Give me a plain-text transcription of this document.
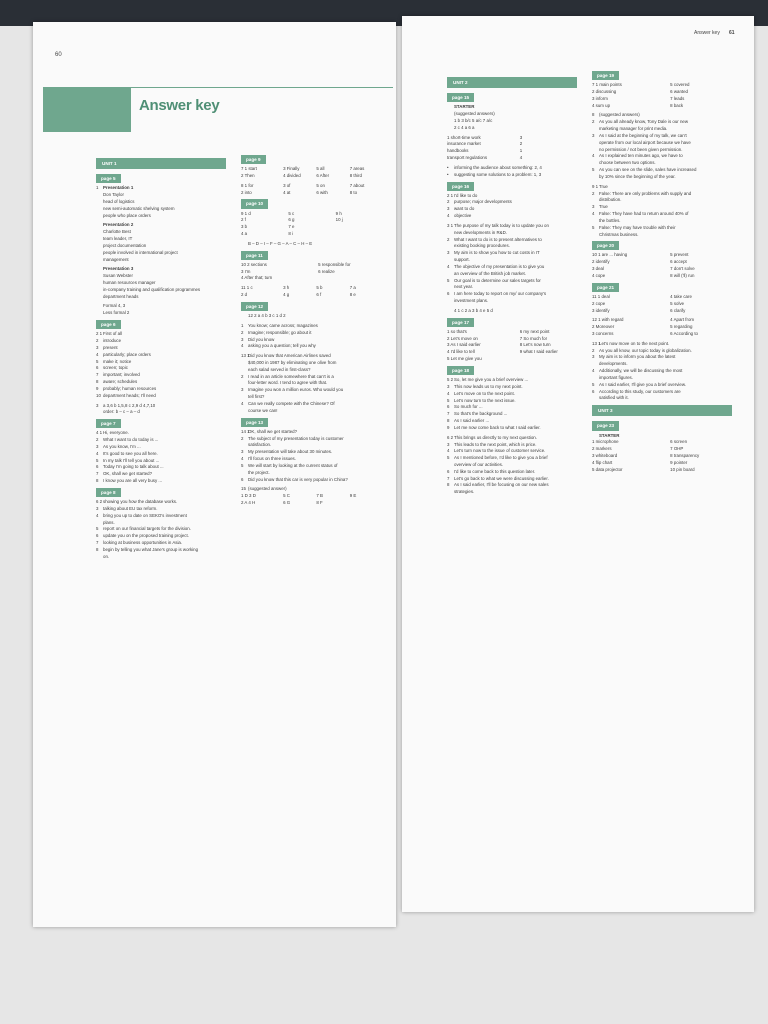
60
Answer key
UNIT 1
page 5
1	Presentation 1
Don Taylor
head of logistics
new semi-automatic shelving system
people who place orders
Presentation 2
Charlotte Best
team leader, IT
project documentation
people involved in international project
management
Presentation 3
Susan Webster
human resources manager
in-company training and qualification programmes
department heads
Formal 4, 3
Less formal 2
page 6
2 1 First of all
2	introduce
3	present
4	particularly; place orders
5	make it; notice
6	screen; topic
7	important; involved
8	aware; schedules
9	probably; human resources
10 department heads; I'll need
3	a 3,6 b 1,5,8 c 2,9 d 4,7,10
order: b – c – a – d
page 7
4 1 Hi, everyone.
2	What I want to do today is ...
3	As you know, I'm ...
4	It's good to see you all here.
5	In my talk I'll tell you about ...
6	Today I'm going to talk about ...
7	OK, shall we get started?
8	I know you are all very busy ...
page 8
6 2 showing you how the database works.
3	talking about EU tax reform.
4	bring you up to date on SEKO's investment
plans.
5	report on our financial targets for the division.
6	update you on the proposed training project.
7	looking at business opportunities in Asia.
8	begin by telling you what Jane's group is working
on.
page 9
7 1 start	3 Finally	5 all	7 areas
2 Then	4 divided	6 After	8 third
8 1 for	3 of	5 on	7 about
2 into	4 at	6 with	8 to
page 10
9 1 d	5 c	9 h
2 f	6 g	10 j
3 b	7 e
4 a	8 i
B – D – I – F – G – A – C – H – E
page 11
10 2 sections	5 responsible for
3 I'm	6 realize
4 After that; turn
11 1 c	3 h	5 b	7 a
2 d	4 g	6 f	8 e
page 12
12 2 a 4 b 3 c 1 d 2
1	You know; came across; magazines
2	Imagine; responsible; go about it
3	Did you know
4	asking you a question; tell you why
13 1
Did you know that American Airlines saved
$40,000 in 1987 by eliminating one olive from
each salad served in first-class?
2	I read in an article somewhere that can't is a
four-letter word. I tend to agree with that.
3	Imagine you won a million euros. Who would you
tell first?
4	Can we really compete with the Chinese? Of
course we can!
page 13
14 1
OK, shall we get started?
2	The subject of my presentation today is customer
satisfaction.
3	My presentation will take about 30 minutes.
4	I'll focus on three issues.
5	We will start by looking at the current status of
the project.
6	Did you know that this car is very popular in China?
15 (suggested answer)
1 D 3 D	5 C	7 B	9 E
2 A 4 H	6 G	8 F
Answer key 61
UNIT 2
page 15
STARTER
(suggested answers)
1 b 3 b/c 5 a/c 7 a/c
2 c 4 a 6 a
1 short-time work	3
insurance market	2
handbooks	1
transport regulations	4
•	informing the audience about something: 2, 4
•	suggesting some solutions to a problem: 1, 3
page 16
2 1 I'd like to do
2	purpose; major developments
3	want to do
4	objective
3 1 The purpose of my talk today is to update you on
new developments in R&D.
2	What I want to do is to present alternatives to
existing booking procedures.
3	My aim is to show you how to cut costs in IT
support.
4	The objective of my presentation is to give you
an overview of the British job market.
5	Our goal is to determine our sales targets for
next year.
6	I am here today to report on my/ our company's
investment plans.
4 1 c 2 a 3 b 4 e 5 d
page 17
1 so that's	6 my next point
2 Let's move on	7 So much for
3 As I said earlier	8 Let's now turn
4 I'd like to tell	9 what I said earlier
5 Let me give you
page 18
5 2 So, let me give you a brief overview ...
3	This now leads us to my next point.
4	Let's move on to the next point.
5	Let's now turn to the next issue.
6	So much for ...
7	So that's the background ...
8	As I said earlier ...
9	Let me now come back to what I said earlier.
6 2 This brings us directly to my next question.
3	This leads to the next point, which is price.
4	Let's turn now to the issue of customer service.
5	As I mentioned before, I'd like to give you a brief
overview of our activities.
6	I'd like to come back to this question later.
7	Let's go back to what we were discussing earlier.
8	As I said earlier, I'll be focusing on our new sales
strategies.
page 19
7 1 main points	5 covered
2 discussing	6 wanted
3 inform	7 leads
4 sum up	8 back
8	(suggested answers)
2	As you all already know, Tony Dale is our new
marketing manager for print media.
3	As I said at the beginning of my talk, we can't
operate from our local airport because we have
no permission / not been given permission.
4	As I explained ten minutes ago, we have to
choose between two options.
5	As you can see on the slide, sales have increased
by 10% since the beginning of the year.
9 1 True
2	False: There are only problems with supply and
distribution.
3	True
4	False: They have had to return around 40% of
the bottles.
5	False: They may have trouble with their
Christmas business.
page 20
10 1 are ... having	5 prevent
2 identify	6 accept
3 deal	7 don't solve
4 cope	8 will ('ll) run
page 21
11 1 deal	4 take care
2 cope	5 solve
3 identify	6 clarify
12 1 with regard	4 Apart from
2 Moreover	5 regarding
3 concerns	6 According to
13 1
Let's now move on to the next point.
2	As you all know, our topic today is globalization.
3	My aim is to inform you about the latest
developments.
4	Additionally, we will be discussing the most
important figures.
5	As I said earlier, I'll give you a brief overview.
6	According to this study, our customers are
satisfied with it.
UNIT 3
page 23
STARTER
1 microphone	6 screen
2 markers	7 OHP
3 whiteboard	8 transparency
4 flip chart	9 pointer
5 data projector	10 pin board
